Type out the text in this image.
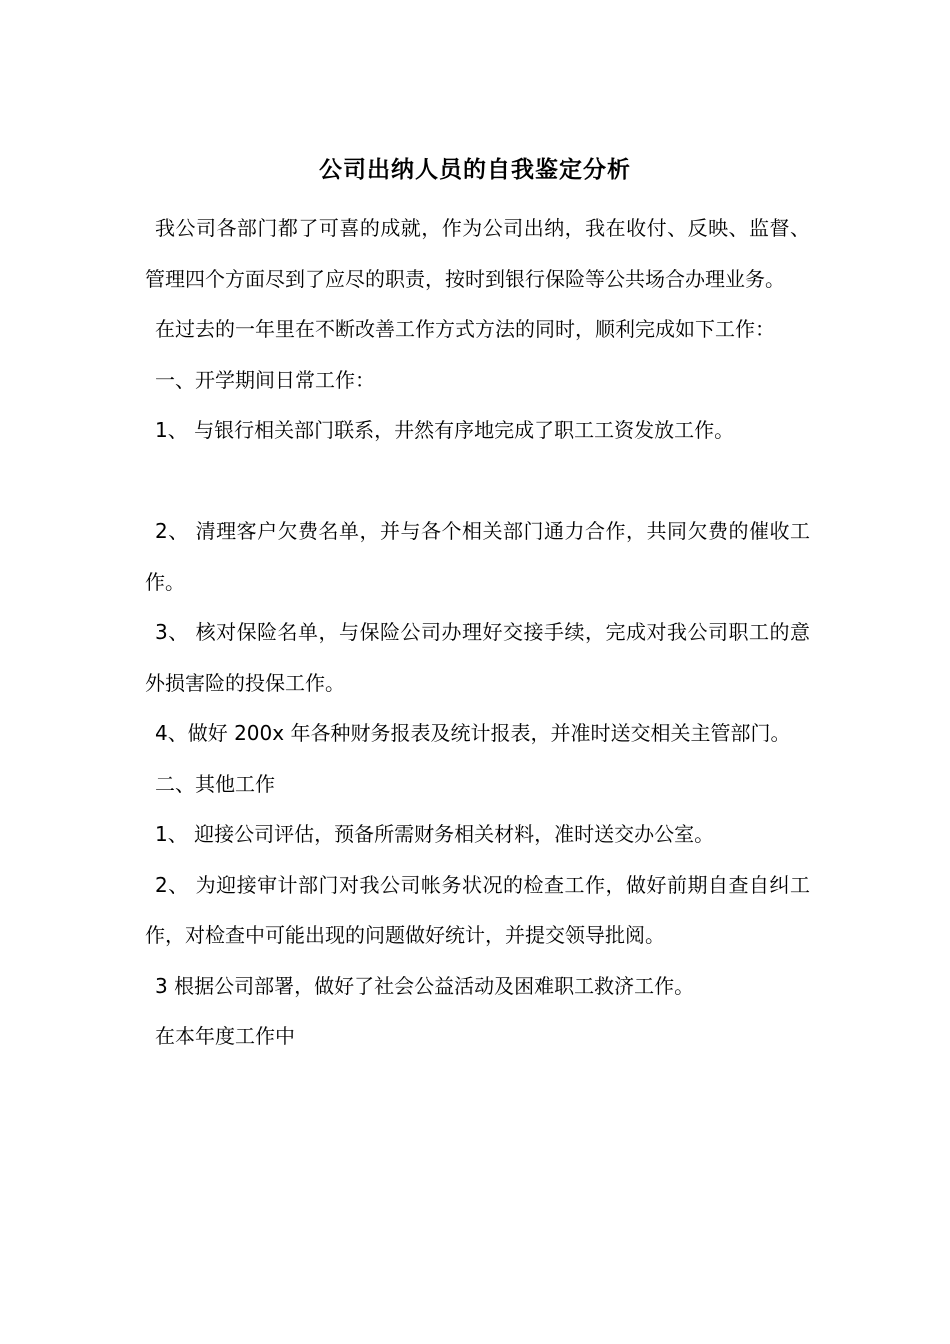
公司出纳人员的自我鉴定分析

我公司各部门都了可喜的成就，作为公司出纳，我在收付、反映、监督、管理四个方面尽到了应尽的职责，按时到银行保险等公共场合办理业务。

在过去的一年里在不断改善工作方式方法的同时，顺利完成如下工作：

一、开学期间日常工作：

1、 与银行相关部门联系，井然有序地完成了职工工资发放工作。

2、 清理客户欠费名单，并与各个相关部门通力合作，共同欠费的催收工作。

3、 核对保险名单，与保险公司办理好交接手续，完成对我公司职工的意外损害险的投保工作。

4、做好 200x 年各种财务报表及统计报表，并准时送交相关主管部门。

二、其他工作

1、 迎接公司评估，预备所需财务相关材料，准时送交办公室。

2、 为迎接审计部门对我公司帐务状况的检查工作，做好前期自查自纠工作，对检查中可能出现的问题做好统计，并提交领导批阅。

3 根据公司部署，做好了社会公益活动及困难职工救济工作。

在本年度工作中
